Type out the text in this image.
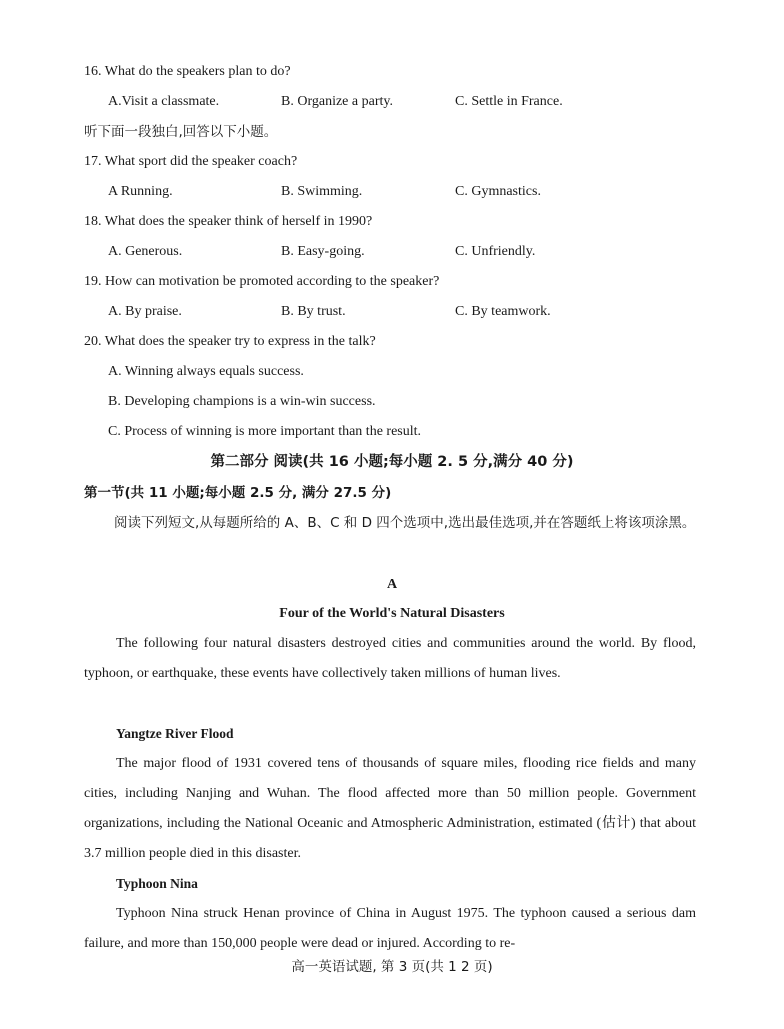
16. What do the speakers plan to do?
A.Visit a classmate.	B. Organize a party.	C. Settle in France.
听下面一段独白,回答以下小题。
17. What sport did the speaker coach?
A Running.	B. Swimming.	C. Gymnastics.
18. What does the speaker think of herself in 1990?
A. Generous.	B. Easy-going.	C. Unfriendly.
19. How can motivation be promoted according to the speaker?
A. By praise.	B. By trust.	C. By teamwork.
20. What does the speaker try to express in the talk?
A. Winning always equals success.
B. Developing champions is a win-win success.
C. Process of winning is more important than the result.
第二部分 阅读(共 16 小题;每小题 2. 5 分,满分 40 分)
第一节(共 11 小题;每小题 2.5 分, 满分 27.5 分)
阅读下列短文,从每题所给的 A、B、C 和 D 四个选项中,选出最佳选项,并在答题纸上将该项涂黑。
A
Four of the World's Natural Disasters
The following four natural disasters destroyed cities and communities around the world. By flood, typhoon, or earthquake, these events have collectively taken millions of human lives.
Yangtze River Flood
The major flood of 1931 covered tens of thousands of square miles, flooding rice fields and many cities, including Nanjing and Wuhan. The flood affected more than 50 million people. Government organizations, including the National Oceanic and Atmospheric Administration, estimated (估计) that about 3.7 million people died in this disaster.
Typhoon Nina
Typhoon Nina struck Henan province of China in August 1975. The typhoon caused a serious dam failure, and more than 150,000 people were dead or injured. According to re-
高一英语试题, 第 3 页(共 1 2 页)
